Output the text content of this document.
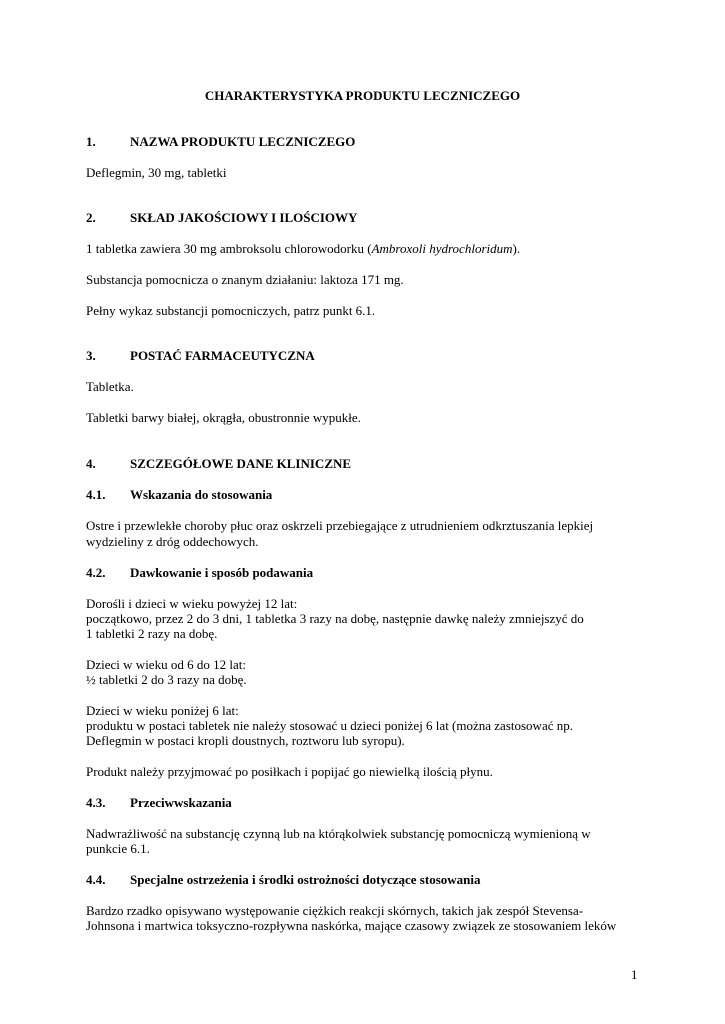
CHARAKTERYSTYKA PRODUKTU LECZNICZEGO

1.	NAZWA PRODUKTU LECZNICZEGO

Deflegmin, 30 mg, tabletki

2.	SKŁAD JAKOŚCIOWY I ILOŚCIOWY

1 tabletka zawiera 30 mg ambroksolu chlorowodorku (Ambroxoli hydrochloridum).

Substancja pomocnicza o znanym działaniu: laktoza 171 mg.

Pełny wykaz substancji pomocniczych, patrz punkt 6.1.

3.	POSTAĆ FARMACEUTYCZNA

Tabletka.

Tabletki barwy białej, okrągła, obustronnie wypukłe.

4.	SZCZEGÓŁOWE DANE KLINICZNE

4.1. Wskazania do stosowania

Ostre i przewlekłe choroby płuc oraz oskrzeli przebiegające z utrudnieniem odkrztuszania lepkiej

wydzieliny z dróg oddechowych.

4.2. Dawkowanie i sposób podawania

Dorośli i dzieci w wieku powyżej 12 lat:

początkowo, przez 2 do 3 dni, 1 tabletka 3 razy na dobę, następnie dawkę należy zmniejszyć do

1 tabletki 2 razy na dobę.

Dzieci w wieku od 6 do 12 lat:

½ tabletki 2 do 3 razy na dobę.

Dzieci w wieku poniżej 6 lat:

produktu w postaci tabletek nie należy stosować u dzieci poniżej 6 lat (można zastosować np.

Deflegmin w postaci kropli doustnych, roztworu lub syropu).

Produkt należy przyjmować po posiłkach i popijać go niewielką ilością płynu.

4.3. Przeciwwskazania

Nadwrażliwość na substancję czynną lub na którąkolwiek substancję pomocniczą wymienioną w

punkcie 6.1.

4.4. Specjalne ostrzeżenia i środki ostrożności dotyczące stosowania

Bardzo rzadko opisywano występowanie ciężkich reakcji skórnych, takich jak zespół Stevensa-

Johnsona i martwica toksyczno-rozpływna naskórka, mające czasowy związek ze stosowaniem leków

1
